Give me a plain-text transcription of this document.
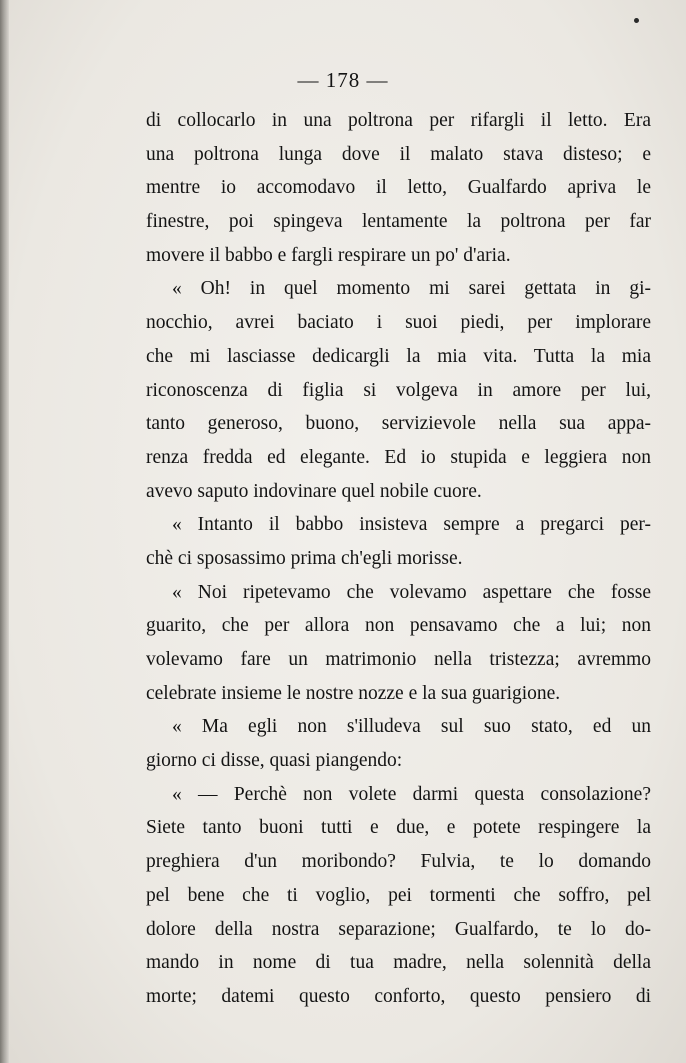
— 178 —
di collocarlo in una poltrona per rifargli il letto. Era
una poltrona lunga dove il malato stava disteso; e
mentre io accomodavo il letto, Gualfardo apriva le
finestre, poi spingeva lentamente la poltrona per far
movere il babbo e fargli respirare un po' d'aria.
« Oh! in quel momento mi sarei gettata in gi-
nocchio, avrei baciato i suoi piedi, per implorare
che mi lasciasse dedicargli la mia vita. Tutta la mia
riconoscenza di figlia si volgeva in amore per lui,
tanto generoso, buono, servizievole nella sua appa-
renza fredda ed elegante. Ed io stupida e leggiera non
avevo saputo indovinare quel nobile cuore.
« Intanto il babbo insisteva sempre a pregarci per-
chè ci sposassimo prima ch'egli morisse.
« Noi ripetevamo che volevamo aspettare che fosse
guarito, che per allora non pensavamo che a lui; non
volevamo fare un matrimonio nella tristezza; avremmo
celebrate insieme le nostre nozze e la sua guarigione.
« Ma egli non s'illudeva sul suo stato, ed un
giorno ci disse, quasi piangendo:
« — Perchè non volete darmi questa consolazione?
Siete tanto buoni tutti e due, e potete respingere la
preghiera d'un moribondo? Fulvia, te lo domando
pel bene che ti voglio, pei tormenti che soffro, pel
dolore della nostra separazione; Gualfardo, te lo do-
mando in nome di tua madre, nella solennità della
morte; datemi questo conforto, questo pensiero di
